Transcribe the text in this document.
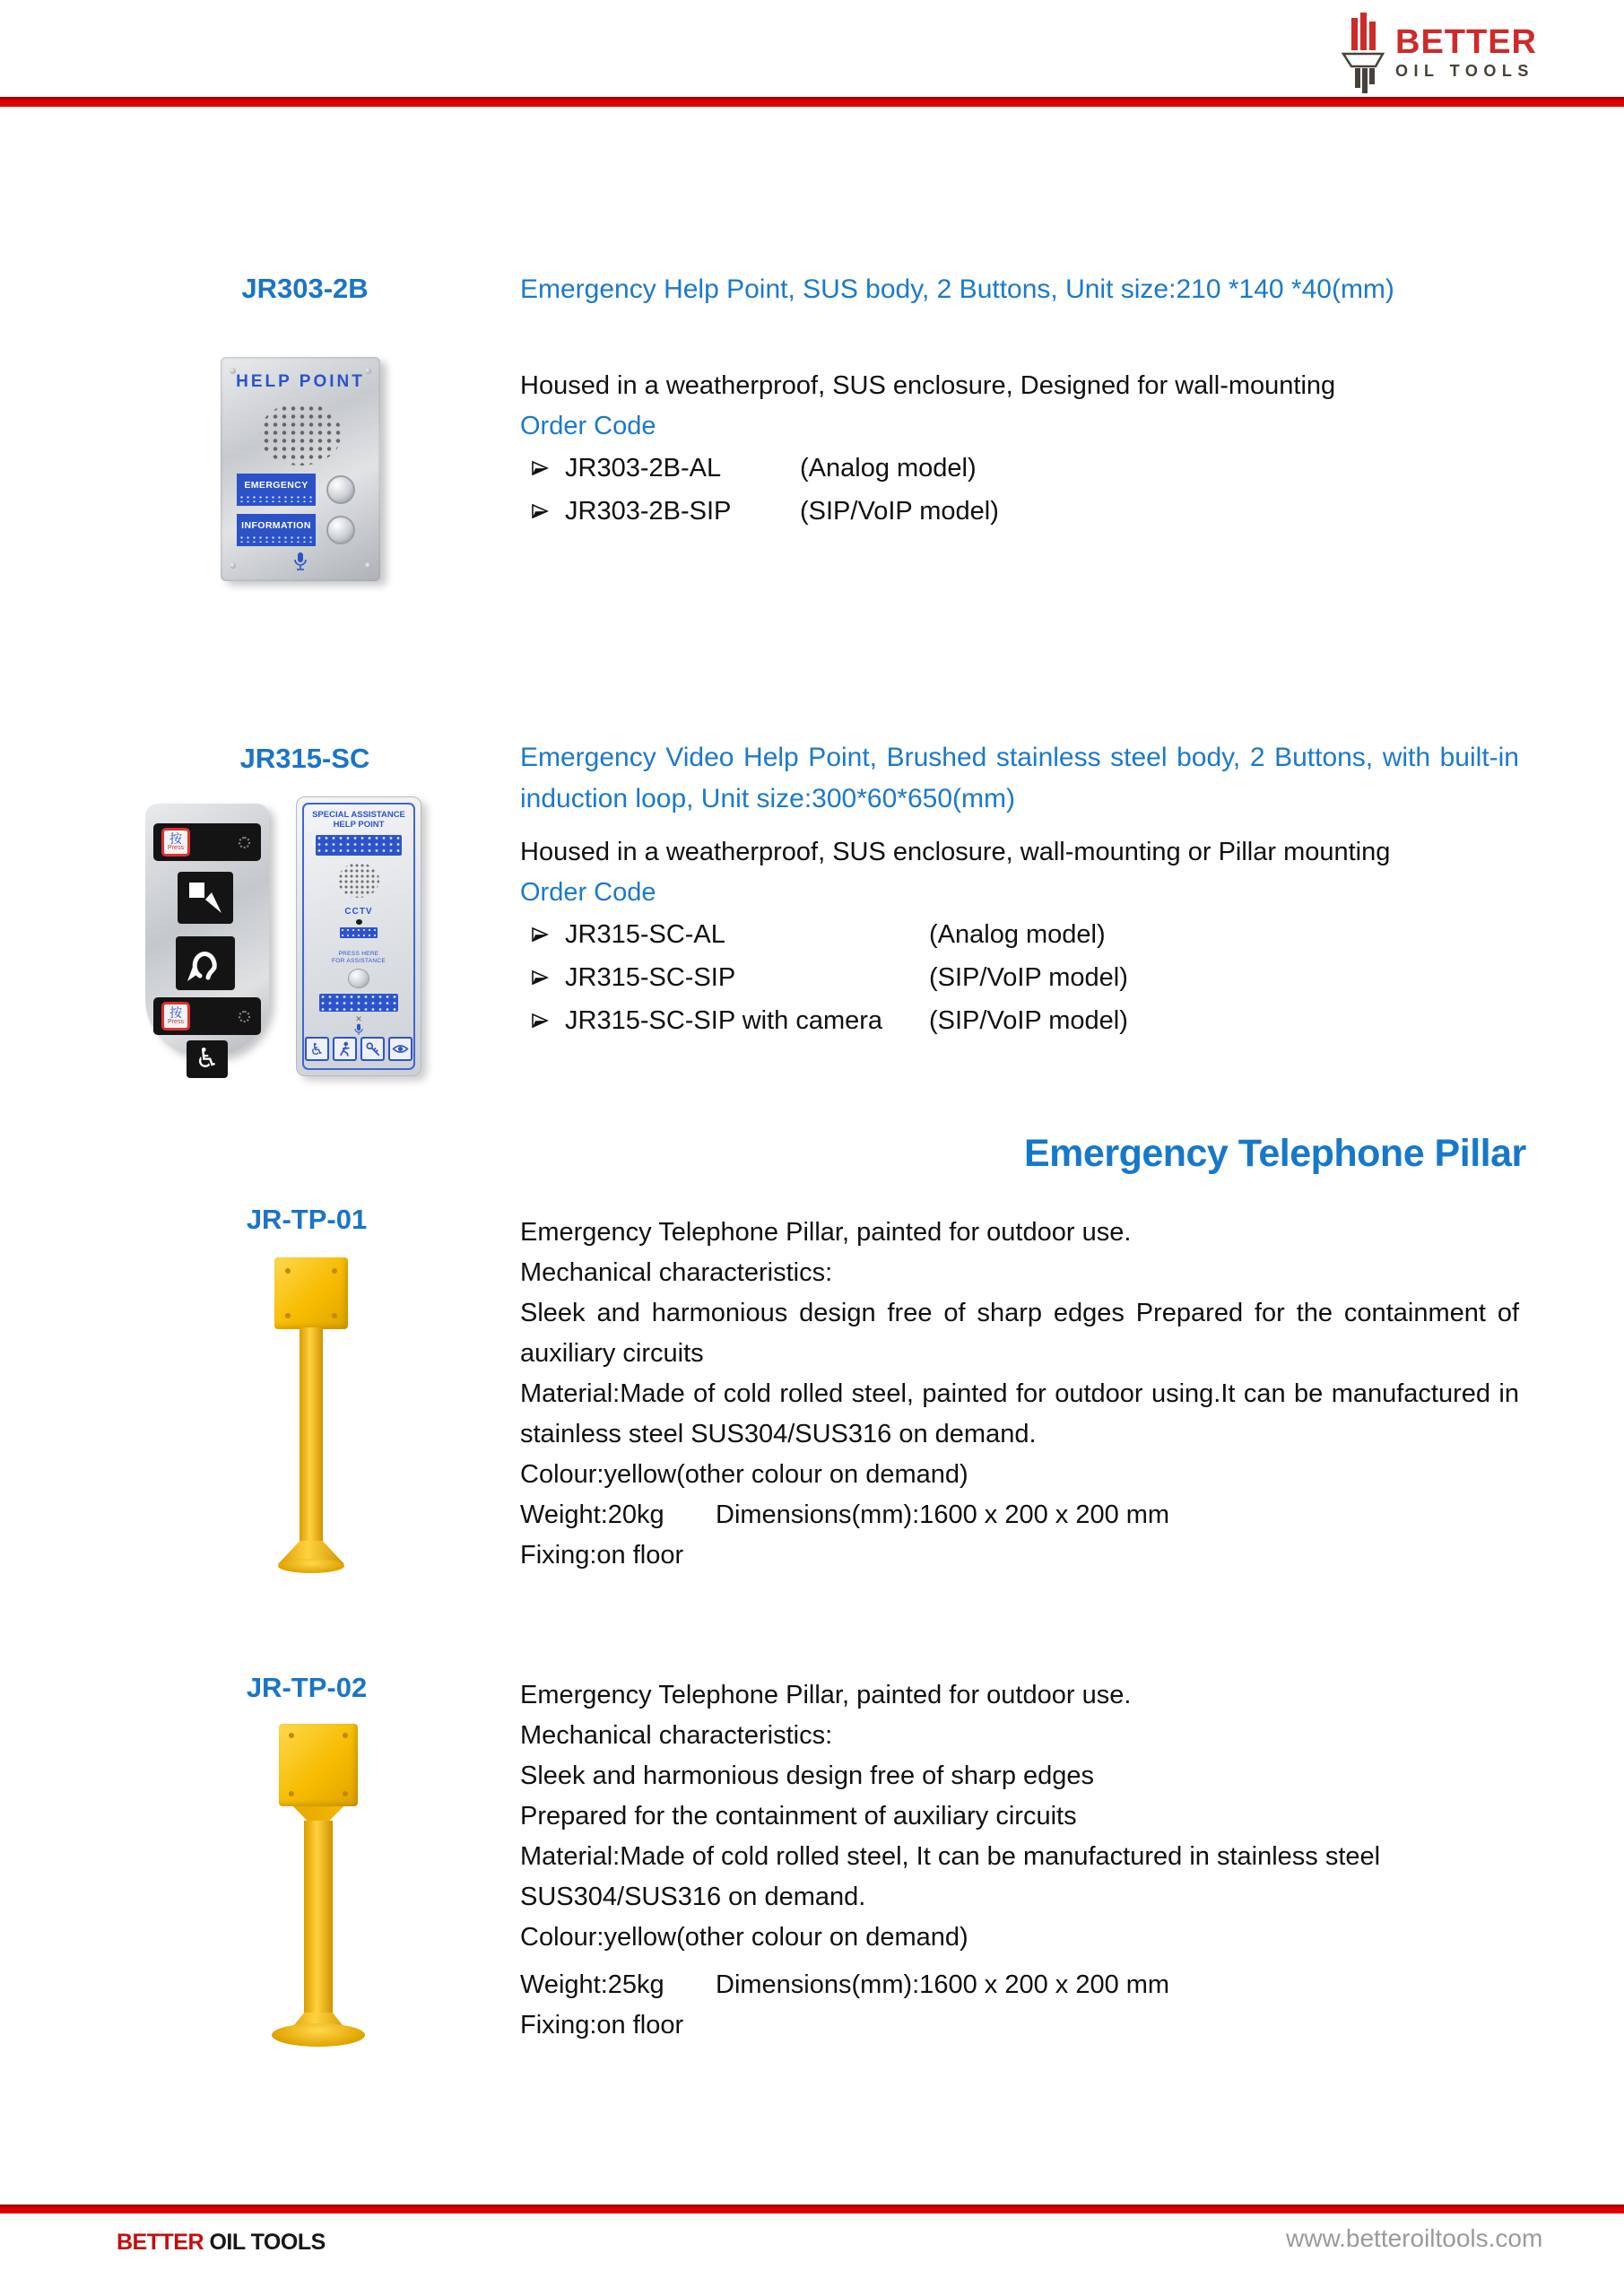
BETTER
OIL TOOLS
JR303-2B
HELP POINT
EMERGENCY
INFORMATION

Emergency Help Point, SUS body, 2 Buttons, Unit size:210 *140 *40(mm)

Housed in a weatherproof, SUS enclosure, Designed for wall-mounting

Order Code

JR303-2B-AL	(Analog model)
JR303-2B-SIP	(SIP/VoIP model)
JR315-SC
按
Press
按
Press
♿
SPECIAL ASSISTANCE
HELP POINT
CCTV
PRESS HERE
FOR ASSISTANCE
✕
♿

Emergency Video Help Point, Brushed stainless steel body, 2 Buttons, with built-in induction loop, Unit size:300*60*650(mm)

Housed in a weatherproof, SUS enclosure, wall-mounting or Pillar mounting

Order Code

JR315-SC-AL	(Analog model)
JR315-SC-SIP	(SIP/VoIP model)
JR315-SC-SIP with camera	(SIP/VoIP model)
Emergency Telephone Pillar
JR-TP-01	Emergency Telephone Pillar, painted for outdoor use.

Mechanical characteristics:

Sleek and harmonious design free of sharp edges Prepared for the containment of auxiliary circuits

Material:Made of cold rolled steel, painted for outdoor using.It can be manufactured in stainless steel SUS304/SUS316 on demand.

Colour:yellow(other colour on demand)

Weight:20kg	Dimensions(mm):1600 x 200 x 200 mm

Fixing:on floor

JR-TP-02	Emergency Telephone Pillar, painted for outdoor use.

Mechanical characteristics:

Sleek and harmonious design free of sharp edges

Prepared for the containment of auxiliary circuits

Material:Made of cold rolled steel, It can be manufactured in stainless steel

SUS304/SUS316 on demand.

Colour:yellow(other colour on demand)

Weight:25kg	Dimensions(mm):1600 x 200 x 200 mm

Fixing:on floor

BETTER OIL TOOLS	www.betteroiltools.com
